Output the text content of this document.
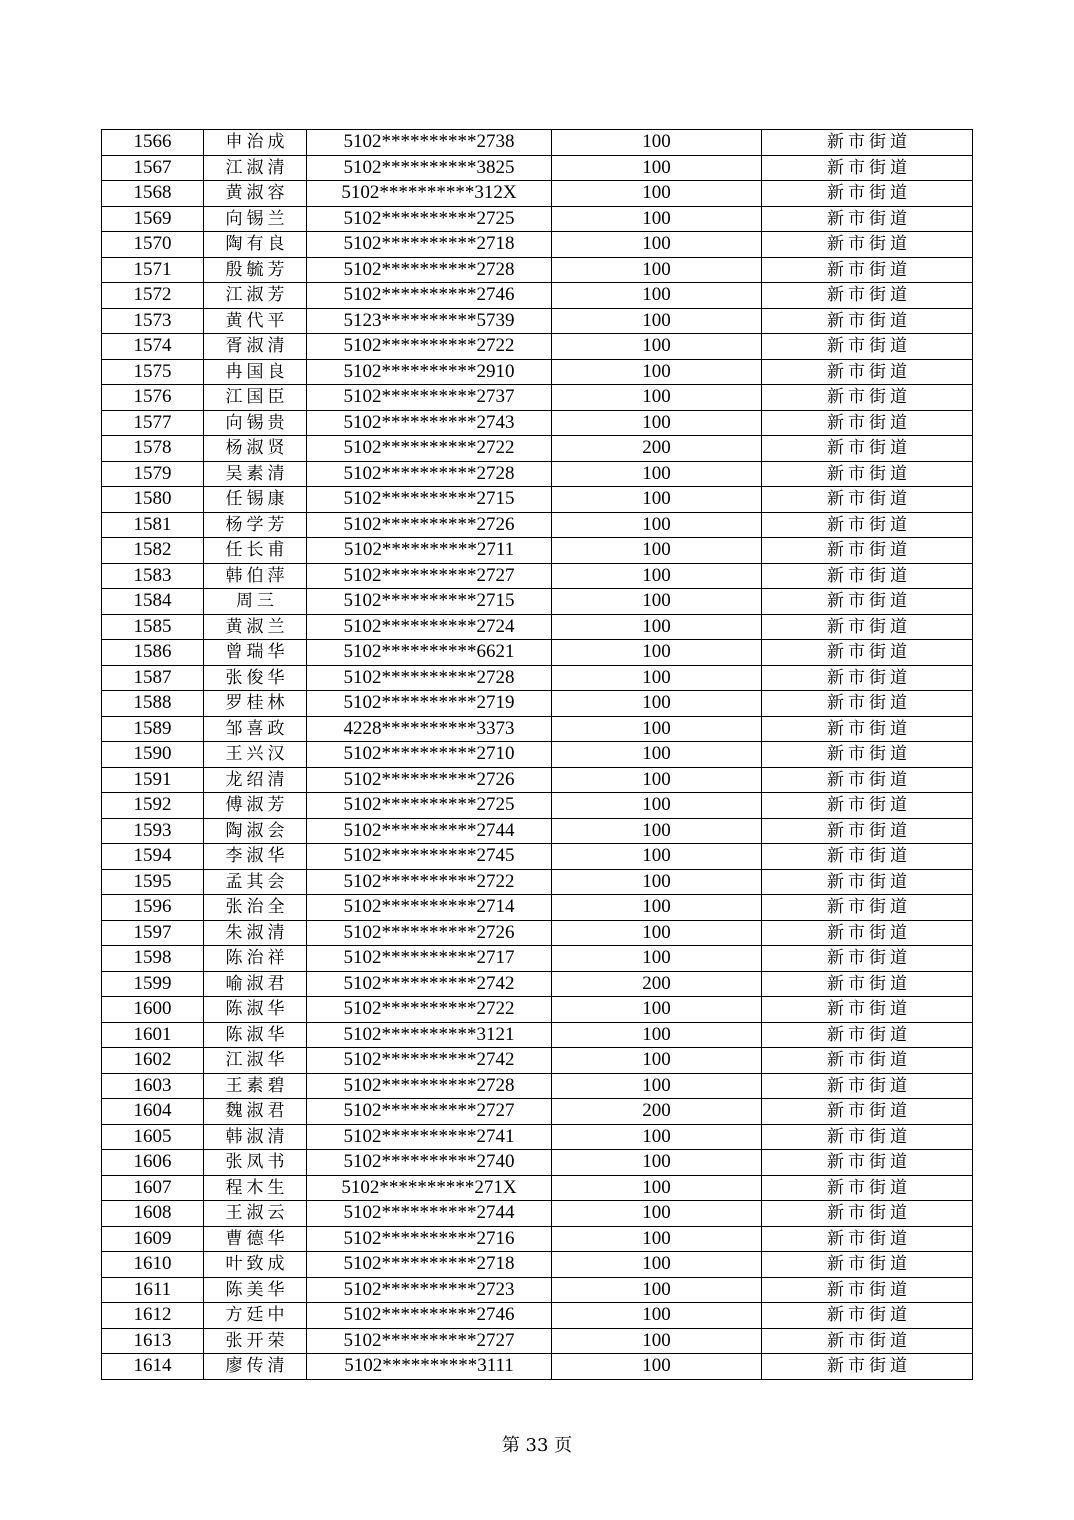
1566	申治成	5102**********2738	100	新市街道
1567	江淑清	5102**********3825	100	新市街道
1568	黄淑容	5102**********312X	100	新市街道
1569	向锡兰	5102**********2725	100	新市街道
1570	陶有良	5102**********2718	100	新市街道
1571	殷毓芳	5102**********2728	100	新市街道
1572	江淑芳	5102**********2746	100	新市街道
1573	黄代平	5123**********5739	100	新市街道
1574	胥淑清	5102**********2722	100	新市街道
1575	冉国良	5102**********2910	100	新市街道
1576	江国臣	5102**********2737	100	新市街道
1577	向锡贵	5102**********2743	100	新市街道
1578	杨淑贤	5102**********2722	200	新市街道
1579	吴素清	5102**********2728	100	新市街道
1580	任锡康	5102**********2715	100	新市街道
1581	杨学芳	5102**********2726	100	新市街道
1582	任长甫	5102**********2711	100	新市街道
1583	韩伯萍	5102**********2727	100	新市街道
1584	周三	5102**********2715	100	新市街道
1585	黄淑兰	5102**********2724	100	新市街道
1586	曾瑞华	5102**********6621	100	新市街道
1587	张俊华	5102**********2728	100	新市街道
1588	罗桂林	5102**********2719	100	新市街道
1589	邹喜政	4228**********3373	100	新市街道
1590	王兴汉	5102**********2710	100	新市街道
1591	龙绍清	5102**********2726	100	新市街道
1592	傅淑芳	5102**********2725	100	新市街道
1593	陶淑会	5102**********2744	100	新市街道
1594	李淑华	5102**********2745	100	新市街道
1595	孟其会	5102**********2722	100	新市街道
1596	张治全	5102**********2714	100	新市街道
1597	朱淑清	5102**********2726	100	新市街道
1598	陈治祥	5102**********2717	100	新市街道
1599	喻淑君	5102**********2742	200	新市街道
1600	陈淑华	5102**********2722	100	新市街道
1601	陈淑华	5102**********3121	100	新市街道
1602	江淑华	5102**********2742	100	新市街道
1603	王素碧	5102**********2728	100	新市街道
1604	魏淑君	5102**********2727	200	新市街道
1605	韩淑清	5102**********2741	100	新市街道
1606	张凤书	5102**********2740	100	新市街道
1607	程木生	5102**********271X	100	新市街道
1608	王淑云	5102**********2744	100	新市街道
1609	曹德华	5102**********2716	100	新市街道
1610	叶致成	5102**********2718	100	新市街道
1611	陈美华	5102**********2723	100	新市街道
1612	方廷中	5102**********2746	100	新市街道
1613	张开荣	5102**********2727	100	新市街道
1614	廖传清	5102**********3111	100	新市街道
第 33 页
